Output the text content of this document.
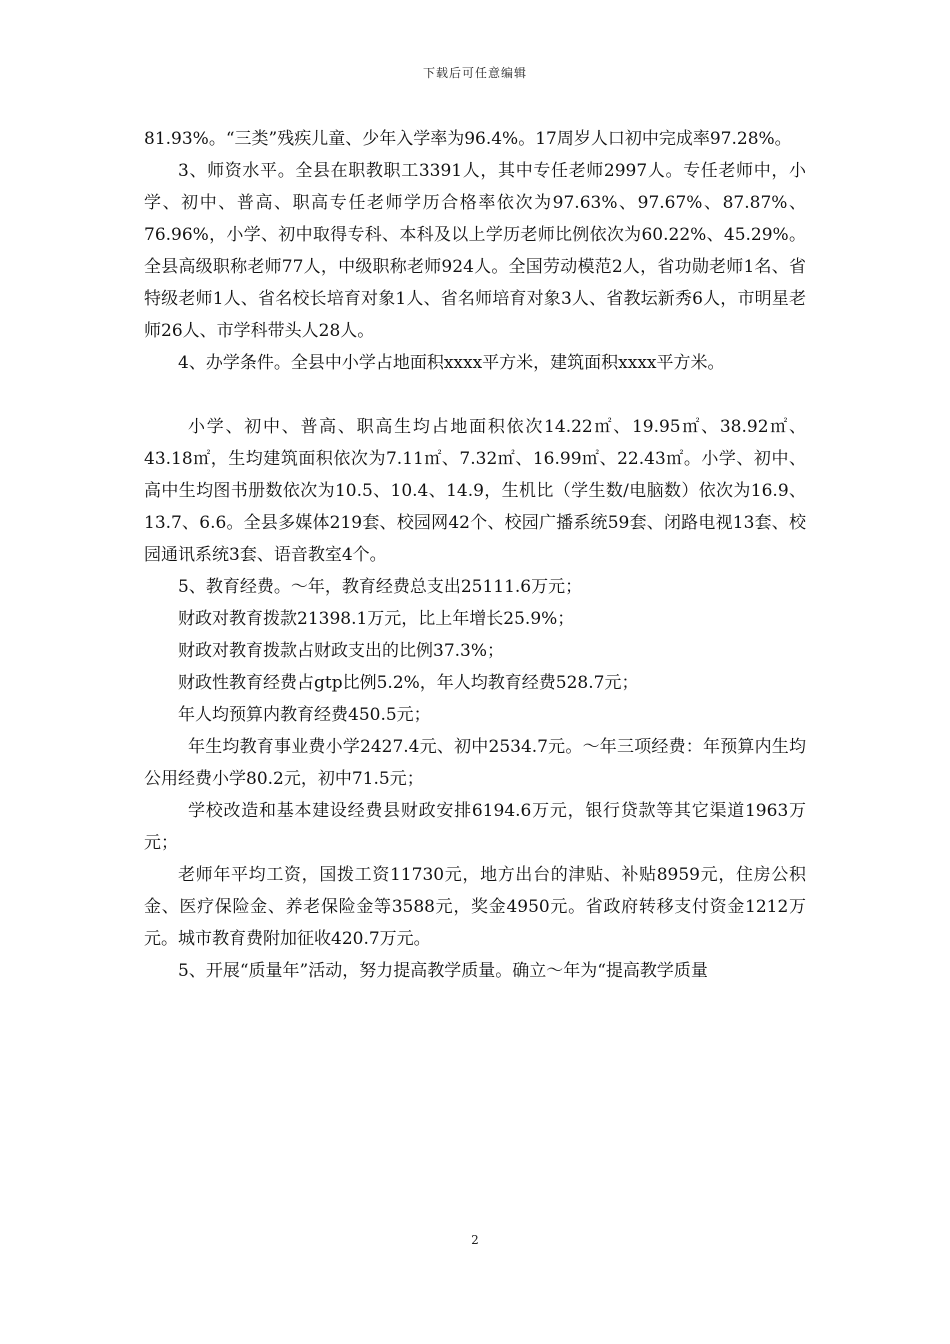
下载后可任意编辑

81.93%。“三类”残疾儿童、少年入学率为96.4%。17周岁人口初中完成率97.28%。

3、师资水平。全县在职教职工3391人，其中专任老师2997人。专任老师中，小学、初中、普高、职高专任老师学历合格率依次为97.63%、97.67%、87.87%、76.96%，小学、初中取得专科、本科及以上学历老师比例依次为60.22%、45.29%。全县高级职称老师77人，中级职称老师924人。全国劳动模范2人，省功勋老师1名、省特级老师1人、省名校长培育对象1人、省名师培育对象3人、省教坛新秀6人，市明星老师26人、市学科带头人28人。

4、办学条件。全县中小学占地面积xxxx平方米，建筑面积xxxx平方米。

小学、初中、普高、职高生均占地面积依次14.22㎡、19.95㎡、38.92㎡、43.18㎡，生均建筑面积依次为7.11㎡、7.32㎡、16.99㎡、22.43㎡。小学、初中、高中生均图书册数依次为10.5、10.4、14.9，生机比（学生数/电脑数）依次为16.9、13.7、6.6。全县多媒体219套、校园网42个、校园广播系统59套、闭路电视13套、校园通讯系统3套、语音教室4个。

5、教育经费。～年，教育经费总支出25111.6万元；

财政对教育拨款21398.1万元，比上年增长25.9%；

财政对教育拨款占财政支出的比例37.3%；

财政性教育经费占gtp比例5.2%，年人均教育经费528.7元；

年人均预算内教育经费450.5元；

年生均教育事业费小学2427.4元、初中2534.7元。～年三项经费：年预算内生均公用经费小学80.2元，初中71.5元；

学校改造和基本建设经费县财政安排6194.6万元，银行贷款等其它渠道1963万元；

老师年平均工资，国拨工资11730元，地方出台的津贴、补贴8959元，住房公积金、医疗保险金、养老保险金等3588元，奖金4950元。省政府转移支付资金1212万元。城市教育费附加征收420.7万元。

5、开展“质量年”活动，努力提高教学质量。确立～年为“提高教学质量

2
